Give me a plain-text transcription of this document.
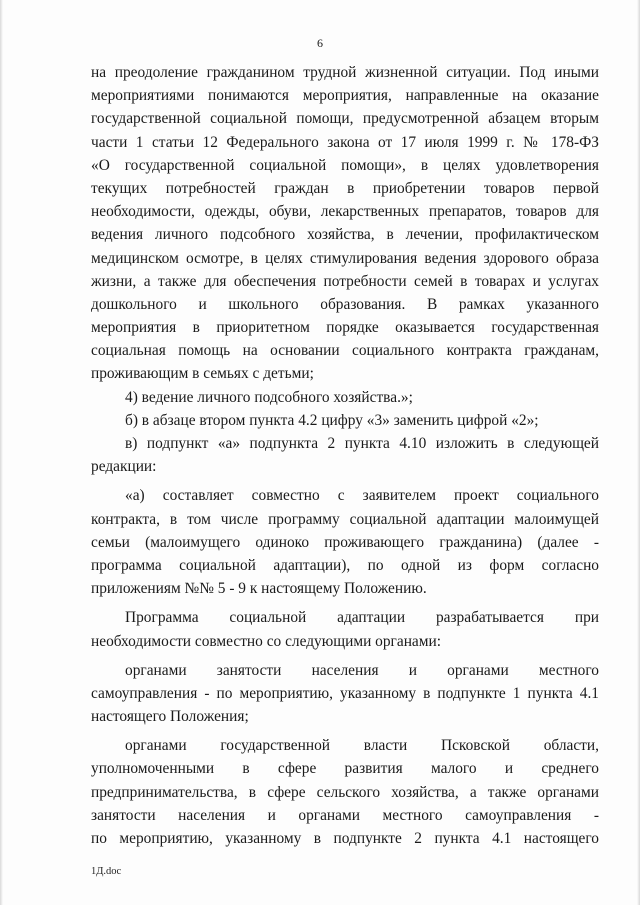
6
на преодоление гражданином трудной жизненной ситуации. Под иными
мероприятиями понимаются мероприятия, направленные на оказание
государственной социальной помощи, предусмотренной абзацем вторым
части 1 статьи 12 Федерального закона от 17 июля 1999 г. № 178-ФЗ
«О государственной социальной помощи», в целях удовлетворения
текущих потребностей граждан в приобретении товаров первой
необходимости, одежды, обуви, лекарственных препаратов, товаров для
ведения личного подсобного хозяйства, в лечении, профилактическом
медицинском осмотре, в целях стимулирования ведения здорового образа
жизни, а также для обеспечения потребности семей в товарах и услугах
дошкольного и школьного образования. В рамках указанного
мероприятия в приоритетном порядке оказывается государственная
социальная помощь на основании социального контракта гражданам,
проживающим в семьях с детьми;
4) ведение личного подсобного хозяйства.»;
б) в абзаце втором пункта 4.2 цифру «3» заменить цифрой «2»;
в) подпункт «а» подпункта 2 пункта 4.10 изложить в следующей
редакции:
«а) составляет совместно с заявителем проект социального
контракта, в том числе программу социальной адаптации малоимущей
семьи (малоимущего одиноко проживающего гражданина) (далее -
программа социальной адаптации), по одной из форм согласно
приложениям №№ 5 - 9 к настоящему Положению.
Программа социальной адаптации разрабатывается при
необходимости совместно со следующими органами:
органами занятости населения и органами местного
самоуправления - по мероприятию, указанному в подпункте 1 пункта 4.1
настоящего Положения;
органами государственной власти Псковской области,
уполномоченными в сфере развития малого и среднего
предпринимательства, в сфере сельского хозяйства, а также органами
занятости населения и органами местного самоуправления -
по мероприятию, указанному в подпункте 2 пункта 4.1 настоящего
1Д.doc
